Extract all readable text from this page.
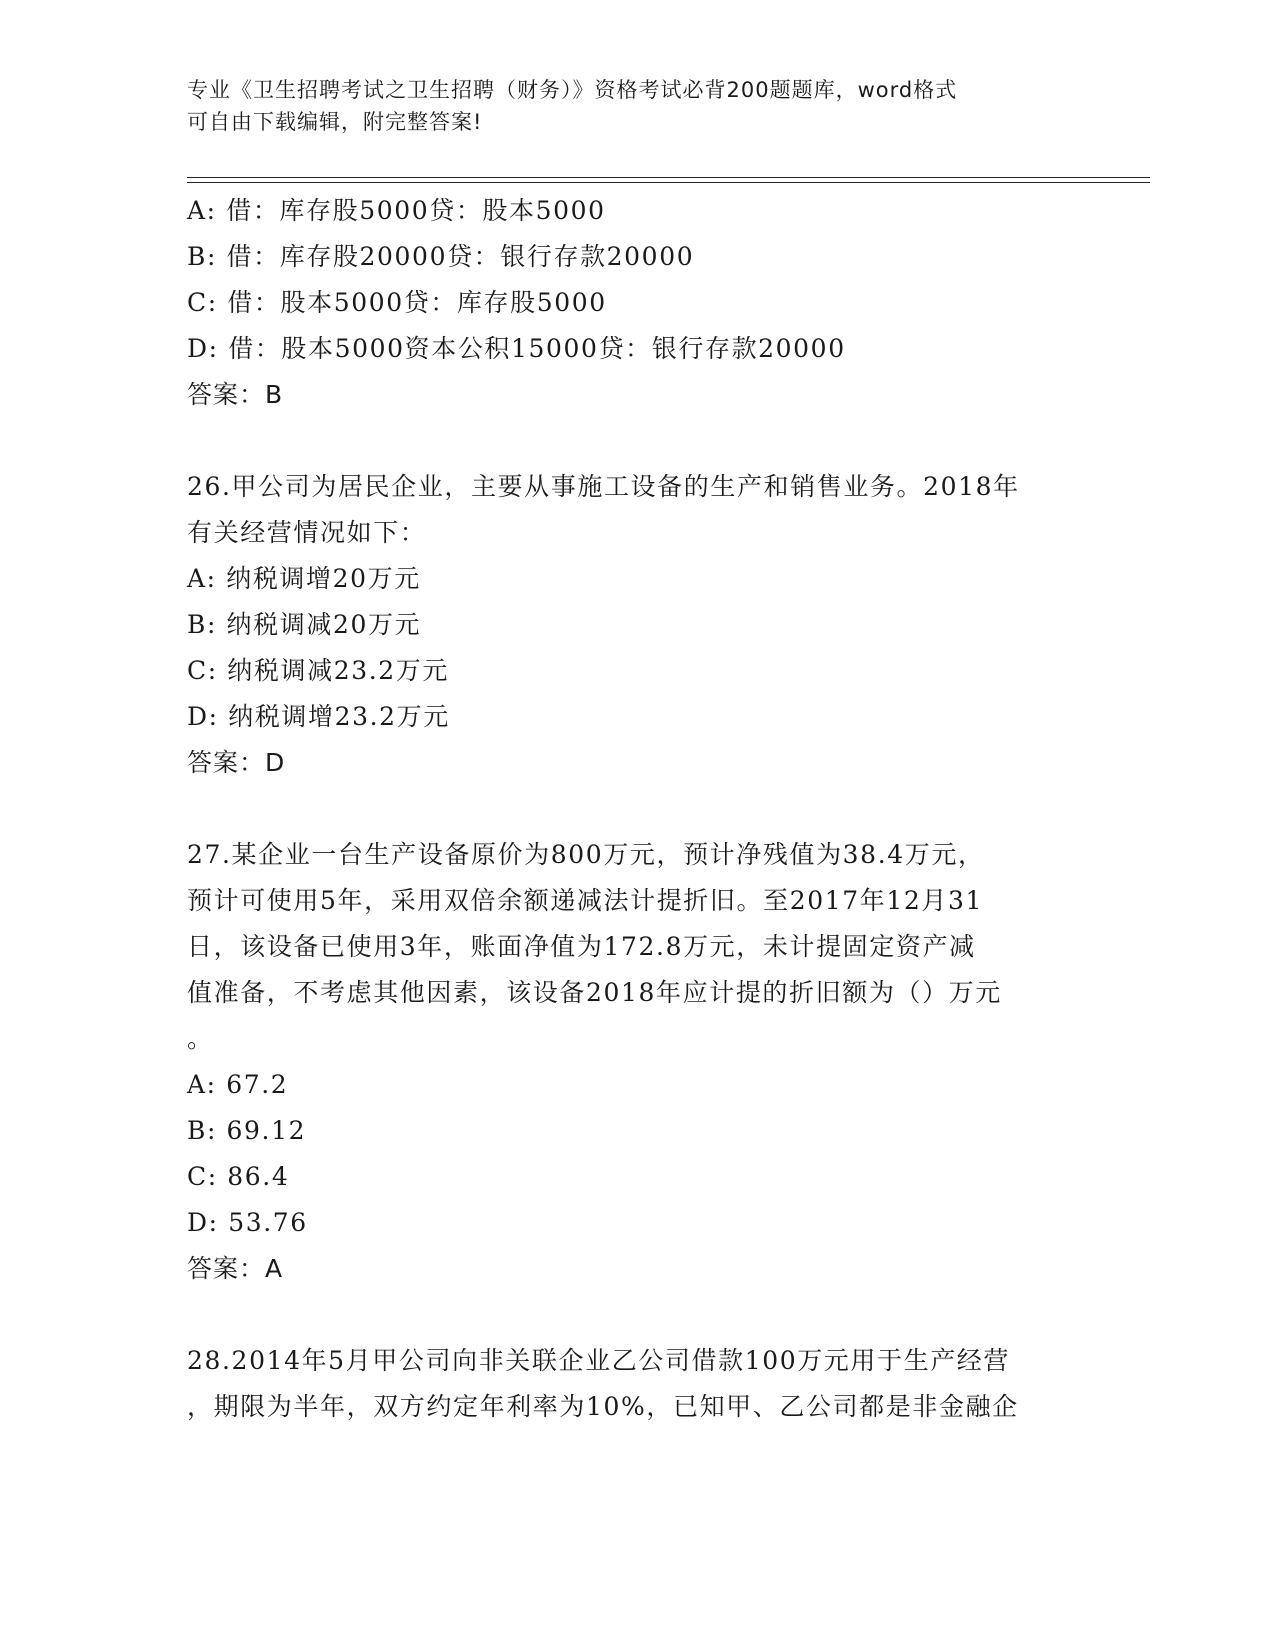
专业《卫生招聘考试之卫生招聘（财务）》资格考试必背200题题库，word格式
可自由下载编辑，附完整答案!
A: 借：库存股5000贷：股本5000
B: 借：库存股20000贷：银行存款20000
C: 借：股本5000贷：库存股5000
D: 借：股本5000资本公积15000贷：银行存款20000
答案：B
26.甲公司为居民企业，主要从事施工设备的生产和销售业务。2018年
有关经营情况如下：
A: 纳税调增20万元
B: 纳税调减20万元
C: 纳税调减23.2万元
D: 纳税调增23.2万元
答案：D
27.某企业一台生产设备原价为800万元，预计净残值为38.4万元，
预计可使用5年，采用双倍余额递减法计提折旧。至2017年12月31
日，该设备已使用3年，账面净值为172.8万元，未计提固定资产减
值准备，不考虑其他因素，该设备2018年应计提的折旧额为（）万元
。
A: 67.2
B: 69.12
C: 86.4
D: 53.76
答案：A
28.2014年5月甲公司向非关联企业乙公司借款100万元用于生产经营
，期限为半年，双方约定年利率为10%，已知甲、乙公司都是非金融企
